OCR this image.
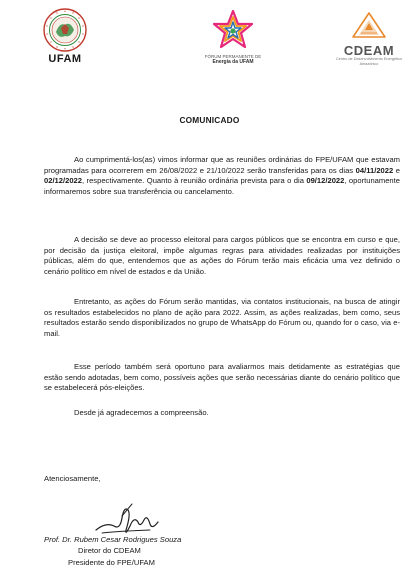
UFAM	FÓRUM PERMANENTE DE
Energia da UFAM
CDEAM
Centro de Desenvolvimento Energético Amazônico
COMUNICADO

Ao cumprimentá-los(as) vimos informar que as reuniões ordinárias do FPE/UFAM que estavam programadas para ocorrerem em 26/08/2022 e 21/10/2022 serão transferidas para os dias 04/11/2022 e 02/12/2022, respectivamente. Quanto à reunião ordinária prevista para o dia 09/12/2022, oportunamente informaremos sobre sua transferência ou cancelamento.

A decisão se deve ao processo eleitoral para cargos públicos que se encontra em curso e que, por decisão da justiça eleitoral, impõe algumas regras para atividades realizadas por instituições públicas, além do que, entendemos que as ações do Fórum terão mais eficácia uma vez definido o cenário político em nível de estados e da União.

Entretanto, as ações do Fórum serão mantidas, via contatos institucionais, na busca de atingir os resultados estabelecidos no plano de ação para 2022. Assim, as ações realizadas, bem como, seus resultados estarão sendo disponibilizados no grupo de WhatsApp do Fórum ou, quando for o caso, via e-mail.

Esse período também será oportuno para avaliarmos mais detidamente as estratégias que estão sendo adotadas, bem como, possíveis ações que serão necessárias diante do cenário político que se estabelecerá pós-eleições.

Desde já agradecemos a compreensão.

Atenciosamente,

Prof. Dr. Rubem Cesar Rodrigues Souza

Diretor do CDEAM

Presidente do FPE/UFAM
